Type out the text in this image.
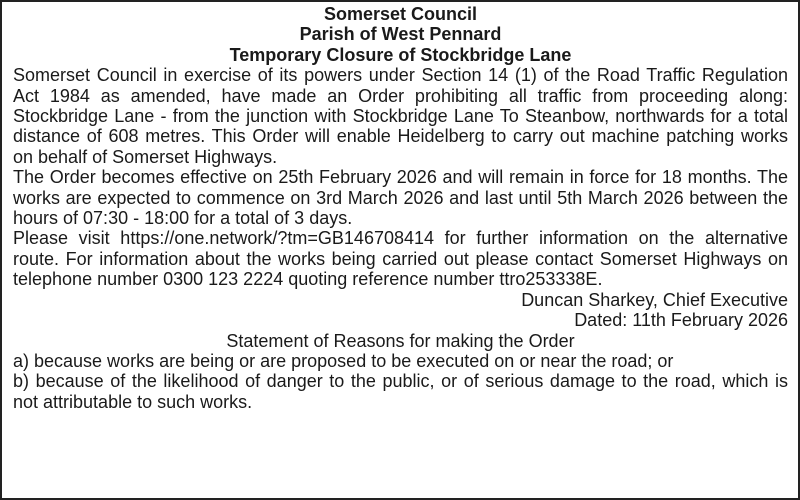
Somerset Council

Parish of West Pennard

Temporary Closure of Stockbridge Lane

Somerset Council in exercise of its powers under Section 14 (1) of the Road Traffic Regulation Act 1984 as amended, have made an Order prohibiting all traffic from proceeding along: Stockbridge Lane - from the junction with Stockbridge Lane To Steanbow, northwards for a total distance of 608 metres. This Order will enable Heidelberg to carry out machine patching works on behalf of Somerset Highways.

The Order becomes effective on 25th February 2026 and will remain in force for 18 months. The works are expected to commence on 3rd March 2026 and last until 5th March 2026 between the hours of 07:30 - 18:00 for a total of 3 days.

Please visit https://one.network/?tm=GB146708414 for further information on the alternative route. For information about the works being carried out please contact Somerset Highways on telephone number 0300 123 2224 quoting reference number ttro253338E.

Duncan Sharkey, Chief Executive

Dated: 11th February 2026

Statement of Reasons for making the Order

a) because works are being or are proposed to be executed on or near the road; or

b) because of the likelihood of danger to the public, or of serious damage to the road, which is not attributable to such works.
